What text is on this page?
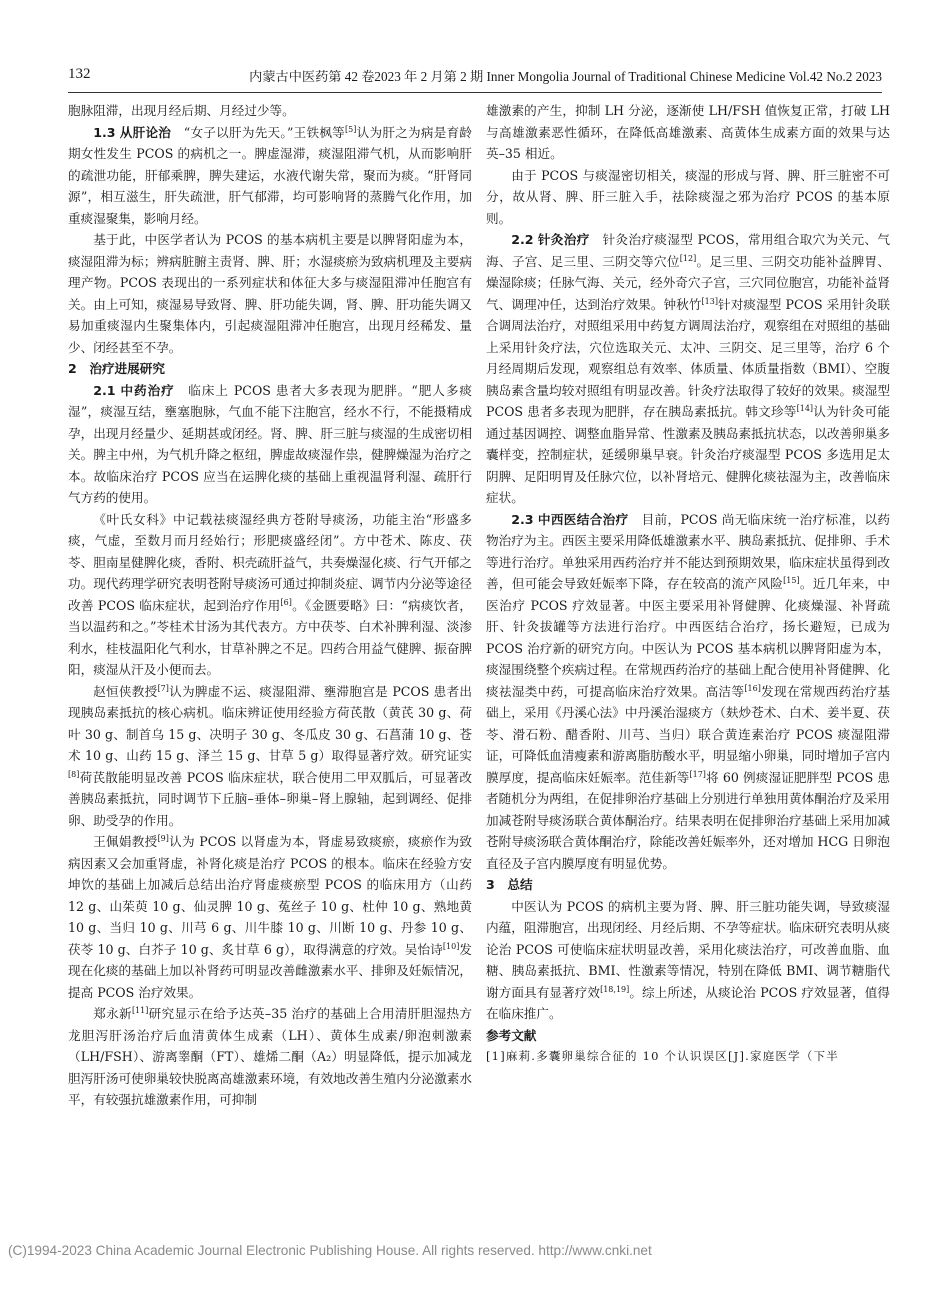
132	内蒙古中医药第 42 卷2023 年 2 月第 2 期 Inner Mongolia Journal of Traditional Chinese Medicine Vol.42 No.2 2023

胞脉阻滞，出现月经后期、月经过少等。

1.3 从肝论治  “女子以肝为先天。”王铁枫等[5]认为肝之为病是育龄期女性发生 PCOS 的病机之一。脾虚湿滞，痰湿阻滞气机，从而影响肝的疏泄功能，肝郁乘脾，脾失建运，水液代谢失常，聚而为痰。“肝肾同源”，相互滋生，肝失疏泄，肝气郁滞，均可影响肾的蒸腾气化作用，加重痰湿聚集，影响月经。

基于此，中医学者认为 PCOS 的基本病机主要是以脾肾阳虚为本，痰湿阻滞为标；辨病脏腑主责肾、脾、肝；水湿痰瘀为致病机理及主要病理产物。PCOS 表现出的一系列症状和体征大多与痰湿阻滞冲任胞宫有关。由上可知，痰湿易导致肾、脾、肝功能失调，肾、脾、肝功能失调又易加重痰湿内生聚集体内，引起痰湿阻滞冲任胞宫，出现月经稀发、量少、闭经甚至不孕。

2　治疗进展研究

2.1 中药治疗  临床上 PCOS 患者大多表现为肥胖。“肥人多痰湿”，痰湿互结，壅塞胞脉，气血不能下注胞宫，经水不行，不能摄精成孕，出现月经量少、延期甚或闭经。肾、脾、肝三脏与痰湿的生成密切相关。脾主中州，为气机升降之枢纽，脾虚故痰湿作祟，健脾燥湿为治疗之本。故临床治疗 PCOS 应当在运脾化痰的基础上重视温肾利湿、疏肝行气方药的使用。

《叶氏女科》中记载祛痰湿经典方苍附导痰汤，功能主治“形盛多痰，气虚，至数月而月经始行；形肥痰盛经闭”。方中苍术、陈皮、茯苓、胆南星健脾化痰，香附、枳壳疏肝益气，共奏燥湿化痰、行气开郁之功。现代药理学研究表明苍附导痰汤可通过抑制炎症、调节内分泌等途径改善 PCOS 临床症状，起到治疗作用[6]。《金匮要略》曰：“病痰饮者，当以温药和之。”苓桂术甘汤为其代表方。方中茯苓、白术补脾利湿、淡渗利水，桂枝温阳化气利水，甘草补脾之不足。四药合用益气健脾、振奋脾阳，痰湿从汗及小便而去。

赵恒侠教授[7]认为脾虚不运、痰湿阻滞、壅滞胞宫是 PCOS 患者出现胰岛素抵抗的核心病机。临床辨证使用经验方荷芪散（黄芪 30 g、荷叶 30 g、制首乌 15 g、决明子 30 g、冬瓜皮 30 g、石菖蒲 10 g、苍术 10 g、山药 15 g、泽兰 15 g、甘草 5 g）取得显著疗效。研究证实[8]荷芪散能明显改善 PCOS 临床症状，联合使用二甲双胍后，可显著改善胰岛素抵抗，同时调节下丘脑–垂体–卵巢–肾上腺轴，起到调经、促排卵、助受孕的作用。

王佩娟教授[9]认为 PCOS 以肾虚为本，肾虚易致痰瘀，痰瘀作为致病因素又会加重肾虚，补肾化痰是治疗 PCOS 的根本。临床在经验方安坤饮的基础上加减后总结出治疗肾虚痰瘀型 PCOS 的临床用方（山药 12 g、山茱萸 10 g、仙灵脾 10 g、菟丝子 10 g、杜仲 10 g、熟地黄 10 g、当归 10 g、川芎 6 g、川牛膝 10 g、川断 10 g、丹参 10 g、茯苓 10 g、白芥子 10 g、炙甘草 6 g），取得满意的疗效。吴怡诗[10]发现在化痰的基础上加以补肾药可明显改善雌激素水平、排卵及妊娠情况，提高 PCOS 治疗效果。

郑永新[11]研究显示在给予达英–35 治疗的基础上合用清肝胆湿热方龙胆泻肝汤治疗后血清黄体生成素（LH）、黄体生成素/卵泡刺激素（LH/FSH）、游离睾酮（FT）、雄烯二酮（A₂）明显降低，提示加减龙胆泻肝汤可使卵巢较快脱离高雄激素环境，有效地改善生殖内分泌激素水平，有较强抗雄激素作用，可抑制

雄激素的产生，抑制 LH 分泌，逐渐使 LH/FSH 值恢复正常，打破 LH 与高雄激素恶性循环，在降低高雄激素、高黄体生成素方面的效果与达英–35 相近。

由于 PCOS 与痰湿密切相关，痰湿的形成与肾、脾、肝三脏密不可分，故从肾、脾、肝三脏入手，祛除痰湿之邪为治疗 PCOS 的基本原则。

2.2 针灸治疗  针灸治疗痰湿型 PCOS，常用组合取穴为关元、气海、子宫、足三里、三阴交等穴位[12]。足三里、三阴交功能补益脾胃、燥湿除痰；任脉气海、关元，经外奇穴子宫，三穴同位胞宫，功能补益肾气、调理冲任，达到治疗效果。钟秋竹[13]针对痰湿型 PCOS 采用针灸联合调周法治疗，对照组采用中药复方调周法治疗，观察组在对照组的基础上采用针灸疗法，穴位选取关元、太冲、三阴交、足三里等，治疗 6 个月经周期后发现，观察组总有效率、体质量、体质量指数（BMI）、空腹胰岛素含量均较对照组有明显改善。针灸疗法取得了较好的效果。痰湿型 PCOS 患者多表现为肥胖，存在胰岛素抵抗。韩文珍等[14]认为针灸可能通过基因调控、调整血脂异常、性激素及胰岛素抵抗状态，以改善卵巢多囊样变，控制症状，延缓卵巢早衰。针灸治疗痰湿型 PCOS 多选用足太阴脾、足阳明胃及任脉穴位，以补肾培元、健脾化痰祛湿为主，改善临床症状。

2.3 中西医结合治疗  目前，PCOS 尚无临床统一治疗标准，以药物治疗为主。西医主要采用降低雄激素水平、胰岛素抵抗、促排卵、手术等进行治疗。单独采用西药治疗并不能达到预期效果，临床症状虽得到改善，但可能会导致妊娠率下降，存在较高的流产风险[15]。近几年来，中医治疗 PCOS 疗效显著。中医主要采用补肾健脾、化痰燥湿、补肾疏肝、针灸拔罐等方法进行治疗。中西医结合治疗，扬长避短，已成为 PCOS 治疗新的研究方向。中医认为 PCOS 基本病机以脾肾阳虚为本，痰湿围绕整个疾病过程。在常规西药治疗的基础上配合使用补肾健脾、化痰祛湿类中药，可提高临床治疗效果。高洁等[16]发现在常规西药治疗基础上，采用《丹溪心法》中丹溪治湿痰方（麸炒苍术、白术、姜半夏、茯苓、滑石粉、醋香附、川芎、当归）联合黄连素治疗 PCOS 痰湿阻滞证，可降低血清瘦素和游离脂肪酸水平，明显缩小卵巢，同时增加子宫内膜厚度，提高临床妊娠率。范佳新等[17]将 60 例痰湿证肥胖型 PCOS 患者随机分为两组，在促排卵治疗基础上分别进行单独用黄体酮治疗及采用加减苍附导痰汤联合黄体酮治疗。结果表明在促排卵治疗基础上采用加减苍附导痰汤联合黄体酮治疗，除能改善妊娠率外，还对增加 HCG 日卵泡直径及子宫内膜厚度有明显优势。

3　总结

中医认为 PCOS 的病机主要为肾、脾、肝三脏功能失调，导致痰湿内蕴，阻滞胞宫，出现闭经、月经后期、不孕等症状。临床研究表明从痰论治 PCOS 可使临床症状明显改善，采用化痰法治疗，可改善血脂、血糖、胰岛素抵抗、BMI、性激素等情况，特别在降低 BMI、调节糖脂代谢方面具有显著疗效[18,19]。综上所述，从痰论治 PCOS 疗效显著，值得在临床推广。

参考文献

[1]麻莉.多囊卵巢综合征的 10 个认识误区[J].家庭医学（下半

(C)1994-2023 China Academic Journal Electronic Publishing House. All rights reserved. http://www.cnki.net
